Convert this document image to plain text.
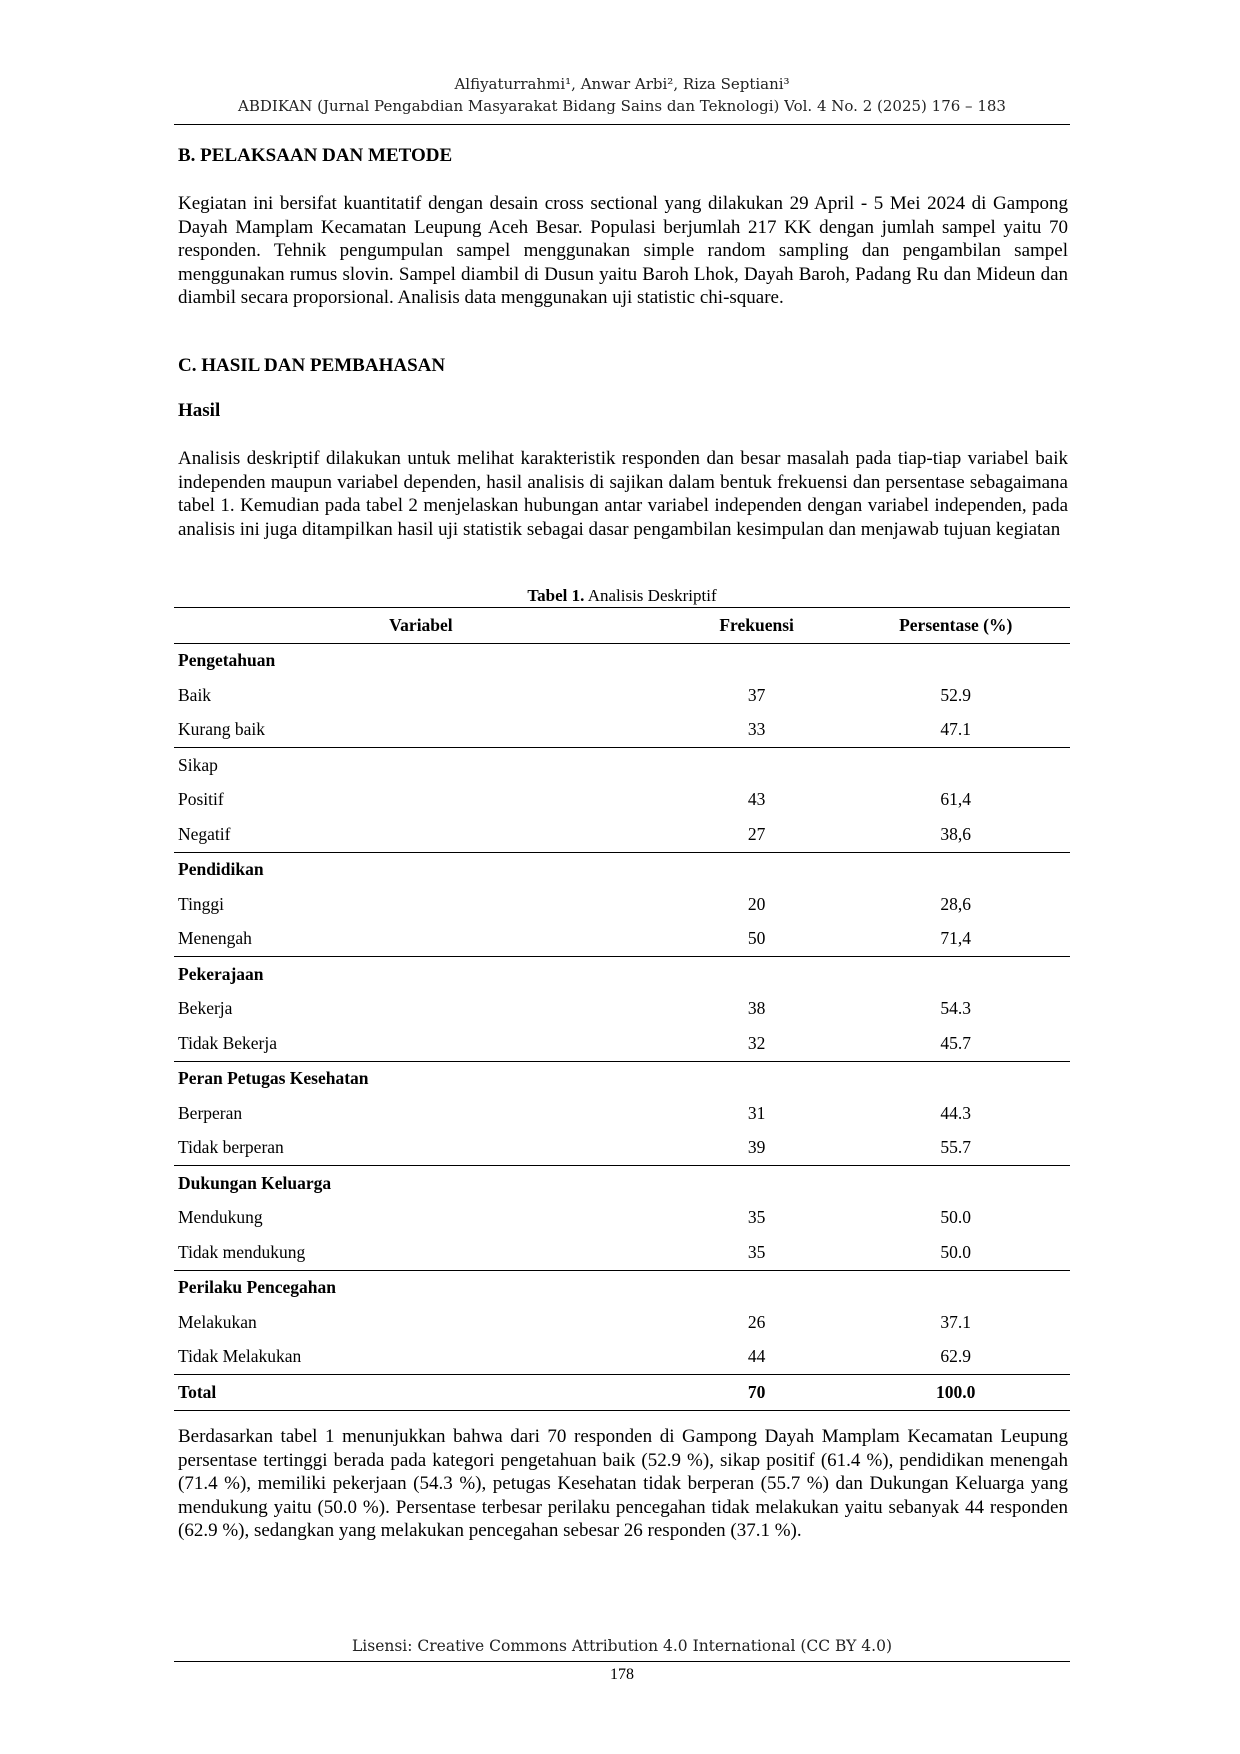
Alfiyaturrahmi¹, Anwar Arbi², Riza Septiani³
ABDIKAN (Jurnal Pengabdian Masyarakat Bidang Sains dan Teknologi) Vol. 4 No. 2 (2025) 176 – 183
B. PELAKSAAN DAN METODE
Kegiatan ini bersifat kuantitatif dengan desain cross sectional yang dilakukan 29 April - 5 Mei 2024 di Gampong Dayah Mamplam Kecamatan Leupung Aceh Besar. Populasi berjumlah 217 KK dengan jumlah sampel yaitu 70 responden. Tehnik pengumpulan sampel menggunakan simple random sampling dan pengambilan sampel menggunakan rumus slovin. Sampel diambil di Dusun yaitu Baroh Lhok, Dayah Baroh, Padang Ru dan Mideun dan diambil secara proporsional. Analisis data menggunakan uji statistic chi-square.
C. HASIL DAN PEMBAHASAN
Hasil
Analisis deskriptif dilakukan untuk melihat karakteristik responden dan besar masalah pada tiap-tiap variabel baik independen maupun variabel dependen, hasil analisis di sajikan dalam bentuk frekuensi dan persentase sebagaimana tabel 1. Kemudian pada tabel 2 menjelaskan hubungan antar variabel independen dengan variabel independen, pada analisis ini juga ditampilkan hasil uji statistik sebagai dasar pengambilan kesimpulan dan menjawab tujuan kegiatan
Tabel 1. Analisis Deskriptif
Variabel	Frekuensi	Persentase (%)
Pengetahuan		
Baik	37	52.9
Kurang baik	33	47.1
Sikap		
Positif	43	61,4
Negatif	27	38,6
Pendidikan		
Tinggi	20	28,6
Menengah	50	71,4
Pekerajaan		
Bekerja	38	54.3
Tidak Bekerja	32	45.7
Peran Petugas Kesehatan		
Berperan	31	44.3
Tidak berperan	39	55.7
Dukungan Keluarga		
Mendukung	35	50.0
Tidak mendukung	35	50.0
Perilaku Pencegahan		
Melakukan	26	37.1
Tidak Melakukan	44	62.9
Total	70	100.0
Berdasarkan tabel 1 menunjukkan bahwa dari 70 responden di Gampong Dayah Mamplam Kecamatan Leupung persentase tertinggi berada pada kategori pengetahuan baik (52.9 %), sikap positif (61.4 %), pendidikan menengah (71.4 %), memiliki pekerjaan (54.3 %), petugas Kesehatan tidak berperan (55.7 %) dan Dukungan Keluarga yang mendukung yaitu (50.0 %). Persentase terbesar perilaku pencegahan tidak melakukan yaitu sebanyak 44 responden (62.9 %), sedangkan yang melakukan pencegahan sebesar 26 responden (37.1 %).
Lisensi: Creative Commons Attribution 4.0 International (CC BY 4.0)
178
